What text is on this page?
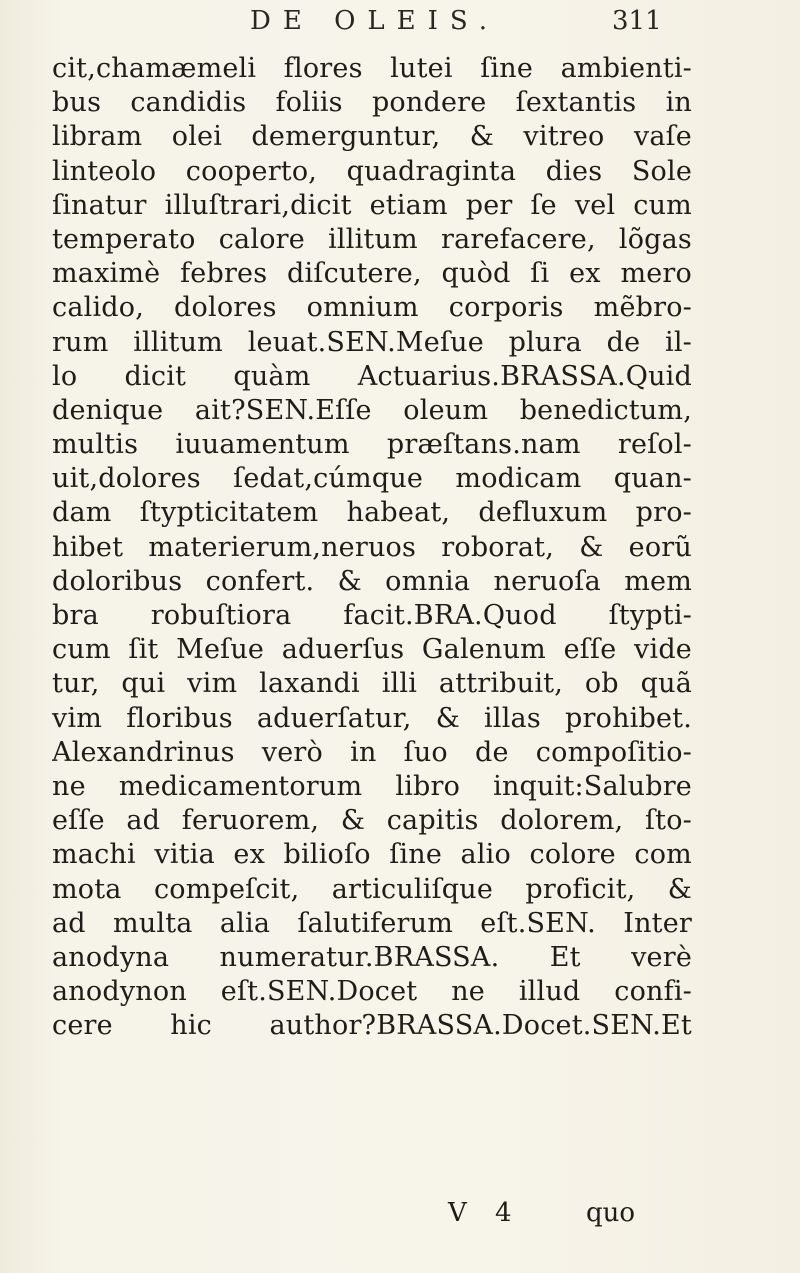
DE OLEIS.	311
cit,chamæmeli flores lutei ſine ambienti-
bus candidis foliis pondere ſextantis in
libram olei demerguntur, & vitreo vaſe
linteolo cooperto, quadraginta dies Sole
ſinatur illuſtrari,dicit etiam per ſe vel cum
temperato calore illitum rarefacere, lõgas
maximè febres diſcutere, quòd ſi ex mero
calido, dolores omnium corporis mẽbro-
rum illitum leuat.SEN.Meſue plura de il-
lo dicit quàm Actuarius.BRASSA.Quid
denique ait?SEN.Eſſe oleum benedictum,
multis iuuamentum præſtans.nam reſol-
uit,dolores ſedat,cúmque modicam quan-
dam ſtypticitatem habeat, defluxum pro-
hibet materierum,neruos roborat, & eorũ
doloribus confert. & omnia neruoſa mem
bra robuſtiora facit.BRA.Quod ſtypti-
cum ſit Meſue aduerſus Galenum eſſe vide
tur, qui vim laxandi illi attribuit, ob quã
vim floribus aduerſatur, & illas prohibet.
Alexandrinus verò in ſuo de compoſitio-
ne medicamentorum libro inquit:Salubre
eſſe ad feruorem, & capitis dolorem, ſto-
machi vitia ex bilioſo ſine alio colore com
mota compeſcit, articuliſque proficit, &
ad multa alia ſalutiferum eſt.SEN. Inter
anodyna numeratur.BRASSA. Et verè
anodynon eſt.SEN.Docet ne illud confi-
cere hic author?BRASSA.Docet.SEN.Et
V 4 quo
